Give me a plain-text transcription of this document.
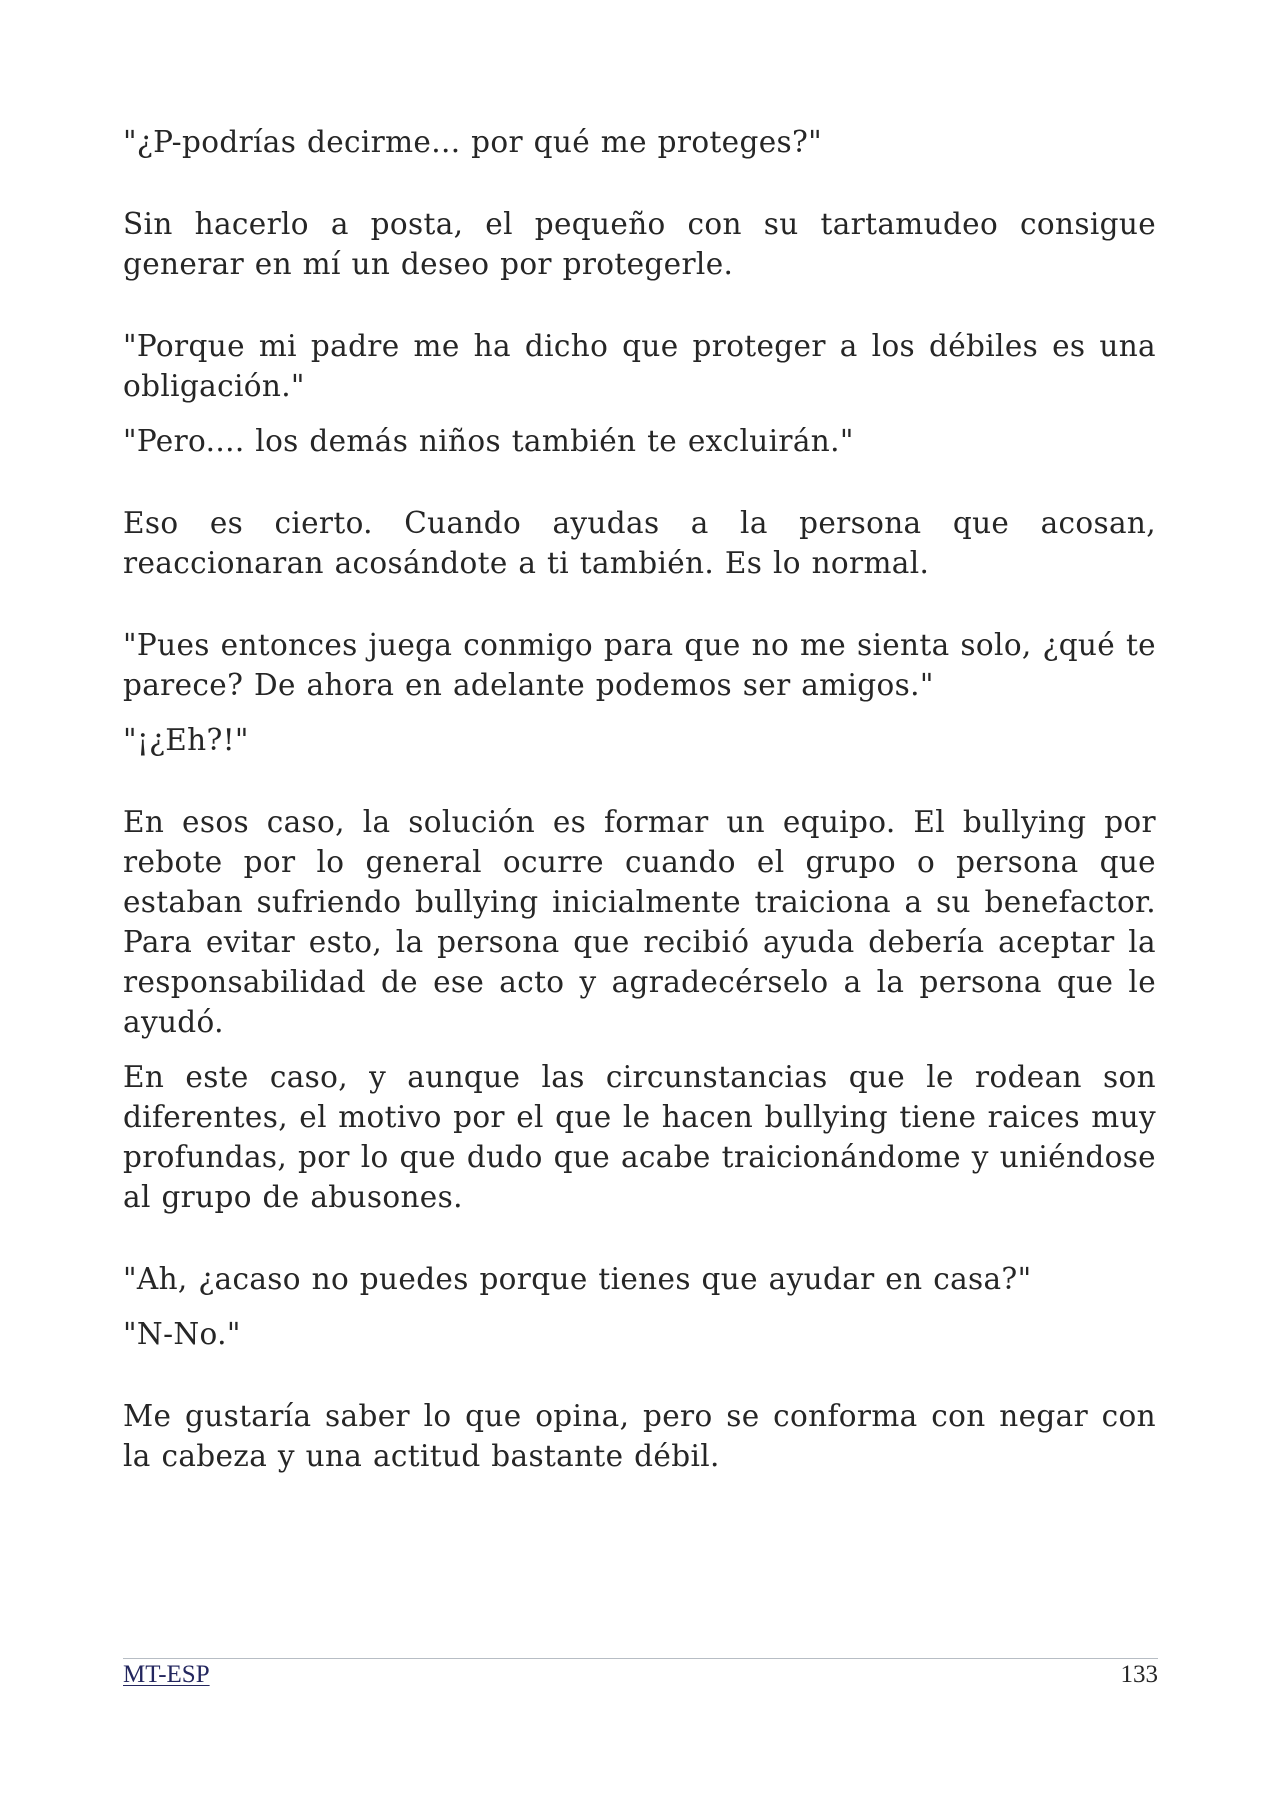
"¿P-podrías decirme... por qué me proteges?"

Sin hacerlo a posta, el pequeño con su tartamudeo consigue generar en mí un deseo por protegerle.

"Porque mi padre me ha dicho que proteger a los débiles es una obligación."

"Pero.... los demás niños también te excluirán."

Eso es cierto. Cuando ayudas a la persona que acosan, reaccionaran acosándote a ti también. Es lo normal.

"Pues entonces juega conmigo para que no me sienta solo, ¿qué te parece? De ahora en adelante podemos ser amigos."

"¡¿Eh?!"

En esos caso, la solución es formar un equipo. El bullying por rebote por lo general ocurre cuando el grupo o persona que estaban sufriendo bullying inicialmente traiciona a su benefactor. Para evitar esto, la persona que recibió ayuda debería aceptar la responsabilidad de ese acto y agradecérselo a la persona que le ayudó.

En este caso, y aunque las circunstancias que le rodean son diferentes, el motivo por el que le hacen bullying tiene raices muy profundas, por lo que dudo que acabe traicionándome y uniéndose al grupo de abusones.

"Ah, ¿acaso no puedes porque tienes que ayudar en casa?"

"N-No."

Me gustaría saber lo que opina, pero se conforma con negar con la cabeza y una actitud bastante débil.

MT-ESP	133
